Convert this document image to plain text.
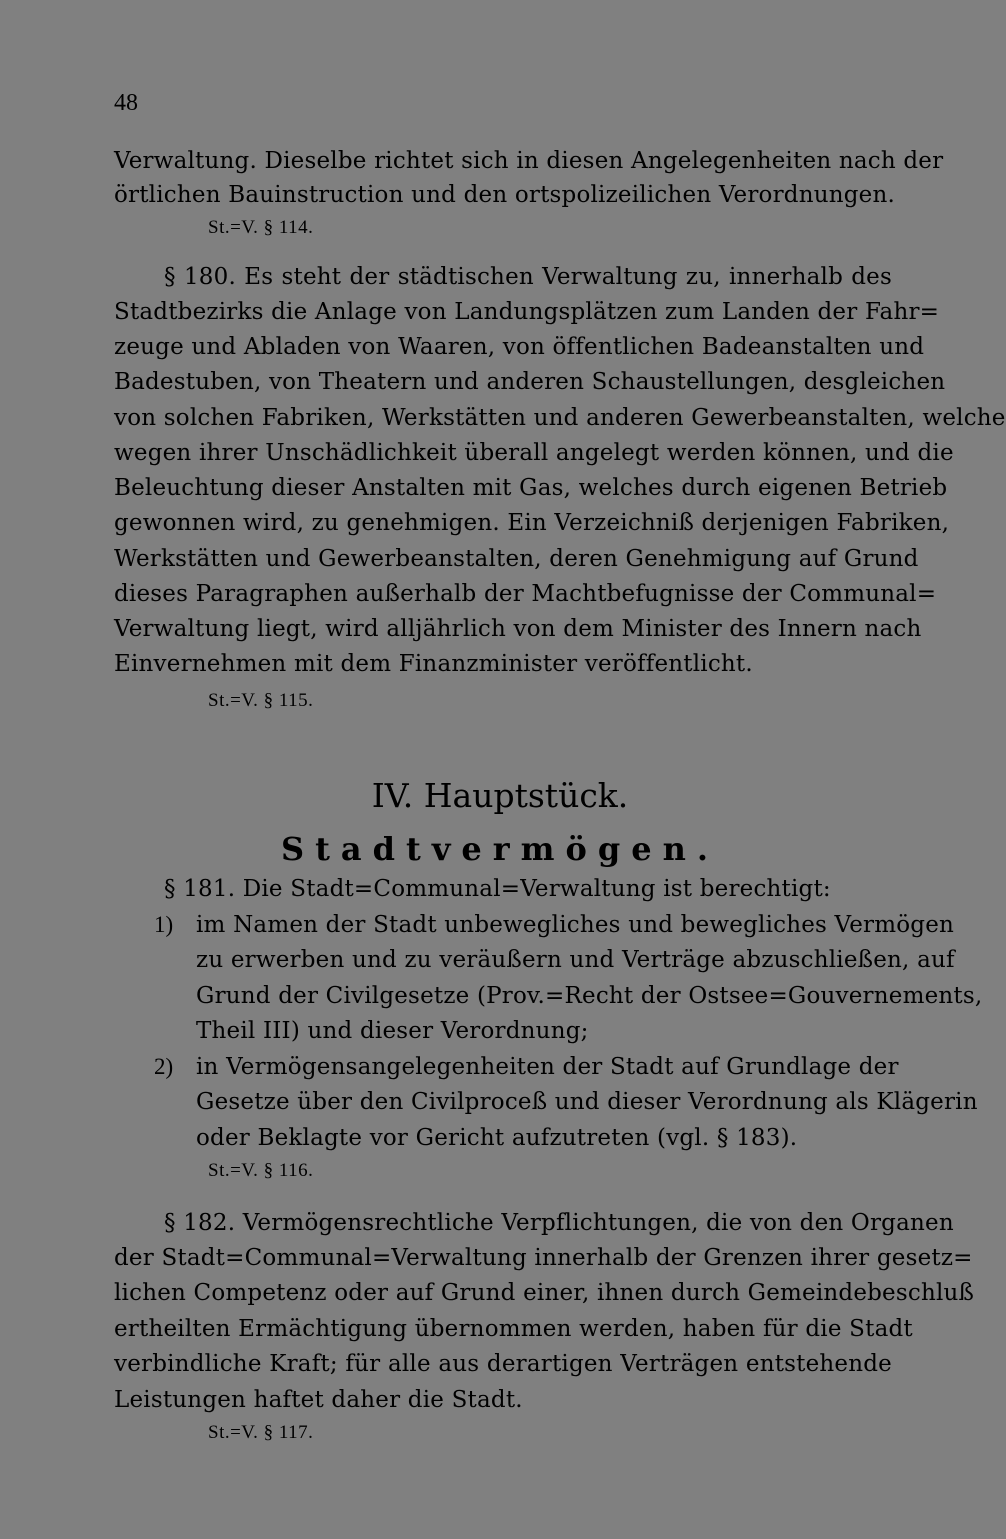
48
Verwaltung. Dieselbe richtet sich in diesen Angelegenheiten nach der
örtlichen Bauinstruction und den ortspolizeilichen Verordnungen.
St.=V. § 114.
§ 180. Es steht der städtischen Verwaltung zu, innerhalb des
Stadtbezirks die Anlage von Landungsplätzen zum Landen der Fahr=
zeuge und Abladen von Waaren, von öffentlichen Badeanstalten und
Badestuben, von Theatern und anderen Schaustellungen, desgleichen
von solchen Fabriken, Werkstätten und anderen Gewerbeanstalten, welche
wegen ihrer Unschädlichkeit überall angelegt werden können, und die
Beleuchtung dieser Anstalten mit Gas, welches durch eigenen Betrieb
gewonnen wird, zu genehmigen. Ein Verzeichniß derjenigen Fabriken,
Werkstätten und Gewerbeanstalten, deren Genehmigung auf Grund
dieses Paragraphen außerhalb der Machtbefugnisse der Communal=
Verwaltung liegt, wird alljährlich von dem Minister des Innern nach
Einvernehmen mit dem Finanzminister veröffentlicht.
St.=V. § 115.
IV. Hauptstück.
Stadtvermögen.
§ 181. Die Stadt=Communal=Verwaltung ist berechtigt:
1) im Namen der Stadt unbewegliches und bewegliches Vermögen
zu erwerben und zu veräußern und Verträge abzuschließen, auf
Grund der Civilgesetze (Prov.=Recht der Ostsee=Gouvernements,
Theil III) und dieser Verordnung;
2) in Vermögensangelegenheiten der Stadt auf Grundlage der
Gesetze über den Civilproceß und dieser Verordnung als Klägerin
oder Beklagte vor Gericht aufzutreten (vgl. § 183).
St.=V. § 116.
§ 182. Vermögensrechtliche Verpflichtungen, die von den Organen
der Stadt=Communal=Verwaltung innerhalb der Grenzen ihrer gesetz=
lichen Competenz oder auf Grund einer, ihnen durch Gemeindebeschluß
ertheilten Ermächtigung übernommen werden, haben für die Stadt
verbindliche Kraft; für alle aus derartigen Verträgen entstehende
Leistungen haftet daher die Stadt.
St.=V. § 117.
